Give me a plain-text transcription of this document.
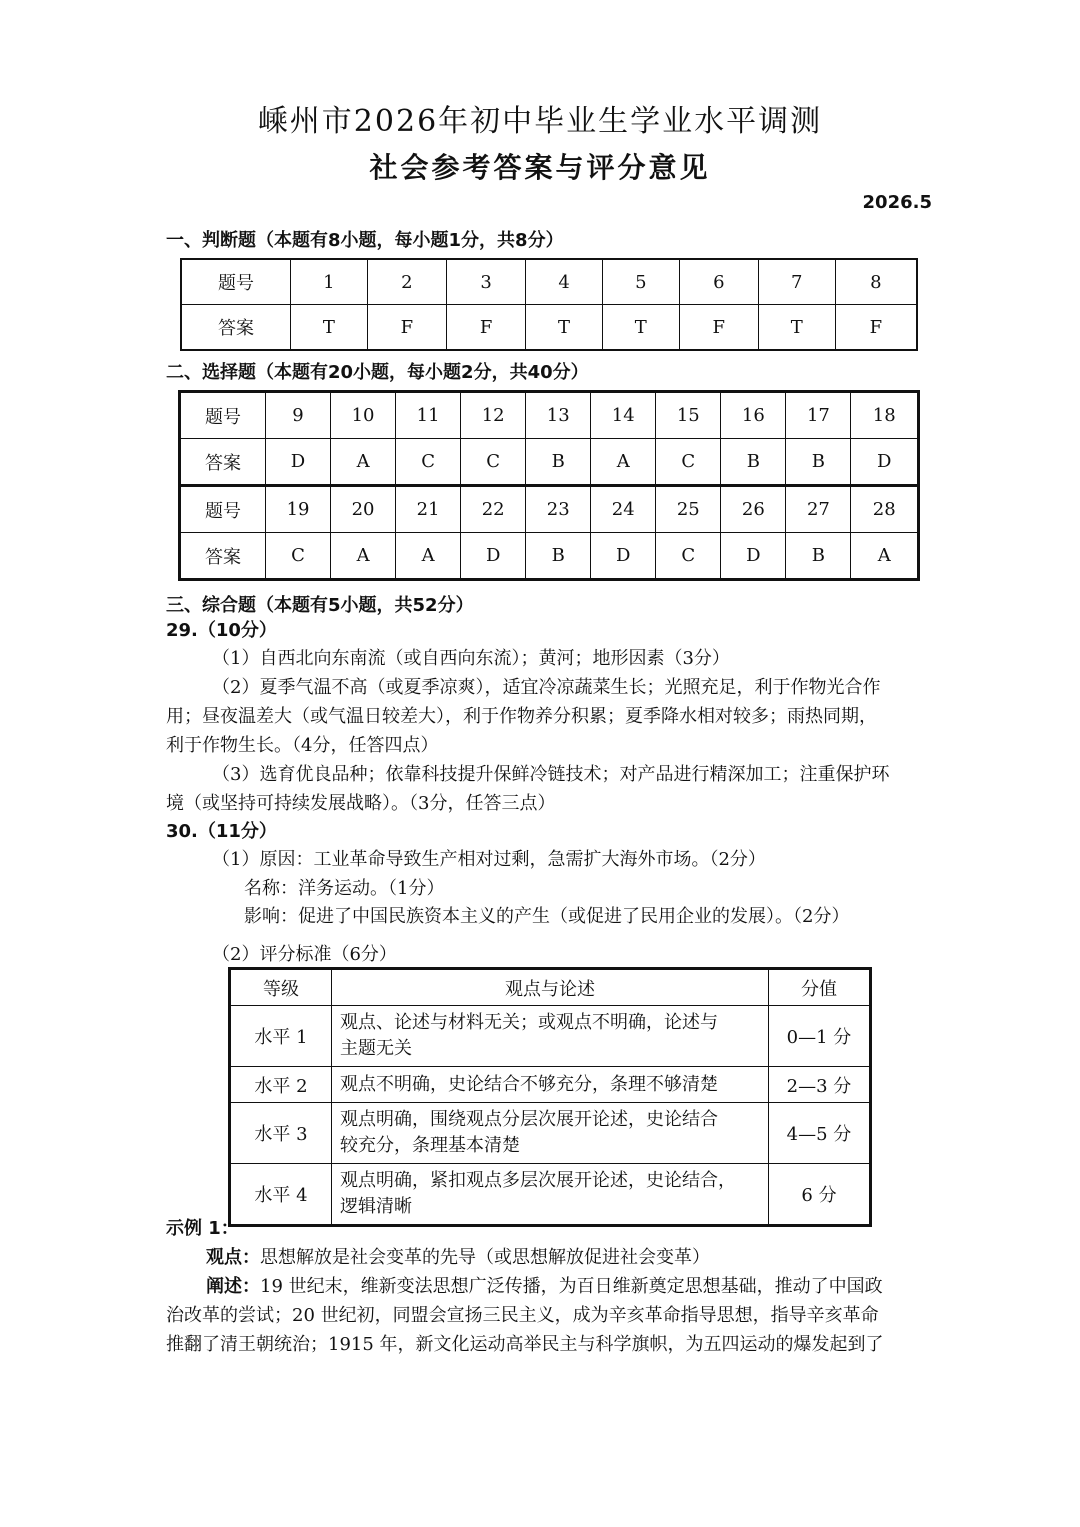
嵊州市2026年初中毕业生学业水平调测
社会参考答案与评分意见
2026.5
一、判断题（本题有8小题，每小题1分，共8分）
题号	1	2	3	4	5	6	7	8
答案	T	F	F	T	T	F	T	F
二、选择题（本题有20小题，每小题2分，共40分）
题号	9	10	11	12	13	14	15	16	17	18
答案	D	A	C	C	B	A	C	B	B	D
题号	19	20	21	22	23	24	25	26	27	28
答案	C	A	A	D	B	D	C	D	B	A
三、综合题（本题有5小题，共52分）
29.（10分）
（1）自西北向东南流（或自西向东流）；黄河；地形因素（3分）
（2）夏季气温不高（或夏季凉爽），适宜冷凉蔬菜生长；光照充足，利于作物光合作
用；昼夜温差大（或气温日较差大），利于作物养分积累；夏季降水相对较多；雨热同期，
利于作物生长。（4分，任答四点）
（3）选育优良品种；依靠科技提升保鲜冷链技术；对产品进行精深加工；注重保护环
境（或坚持可持续发展战略）。（3分，任答三点）
30.（11分）
（1）原因：工业革命导致生产相对过剩，急需扩大海外市场。（2分）
名称：洋务运动。（1分）
影响：促进了中国民族资本主义的产生（或促进了民用企业的发展）。（2分）
（2）评分标准（6分）
等级	观点与论述	分值
水平 1	观点、论述与材料无关；或观点不明确，论述与
主题无关	0—1 分
水平 2	观点不明确，史论结合不够充分，条理不够清楚	2—3 分
水平 3	观点明确，围绕观点分层次展开论述，史论结合
较充分，条理基本清楚	4—5 分
水平 4	观点明确，紧扣观点多层次展开论述，史论结合，
逻辑清晰	6 分
示例 1：
观点：思想解放是社会变革的先导（或思想解放促进社会变革）
阐述：19 世纪末，维新变法思想广泛传播，为百日维新奠定思想基础，推动了中国政
治改革的尝试；20 世纪初，同盟会宣扬三民主义，成为辛亥革命指导思想，指导辛亥革命
推翻了清王朝统治；1915 年，新文化运动高举民主与科学旗帜，为五四运动的爆发起到了
